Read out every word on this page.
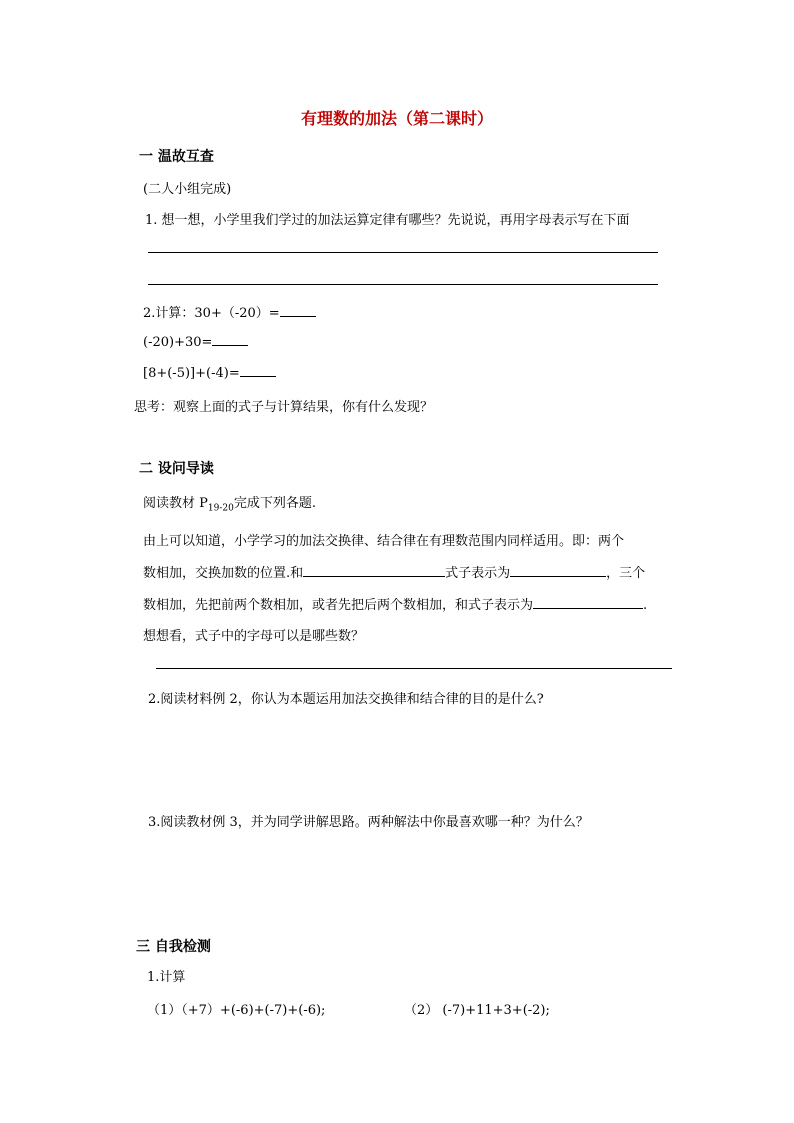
有理数的加法（第二课时）
一 温故互查
(二人小组完成)
1. 想一想，小学里我们学过的加法运算定律有哪些？先说说，再用字母表示写在下面
2.计算：30+（-20）=
(-20)+30=
[8+(-5)]+(-4)=
思考：观察上面的式子与计算结果，你有什么发现？
二 设问导读
阅读教材 $P_{19-20}$完成下列各题.
由上可以知道，小学学习的加法交换律、结合律在有理数范围内同样适用。即：两个
数相加，交换加数的位置.和	式子表示为	，三个
数相加，先把前两个数相加，或者先把后两个数相加，和式子表示为	.
想想看，式子中的字母可以是哪些数？
2.阅读材料例 2，你认为本题运用加法交换律和结合律的目的是什么?
3.阅读教材例 3，并为同学讲解思路。两种解法中你最喜欢哪一种？为什么？
三 自我检测
1.计算
（1）（+7）+(-6)+(-7)+(-6);	（2） (-7)+11+3+(-2);
